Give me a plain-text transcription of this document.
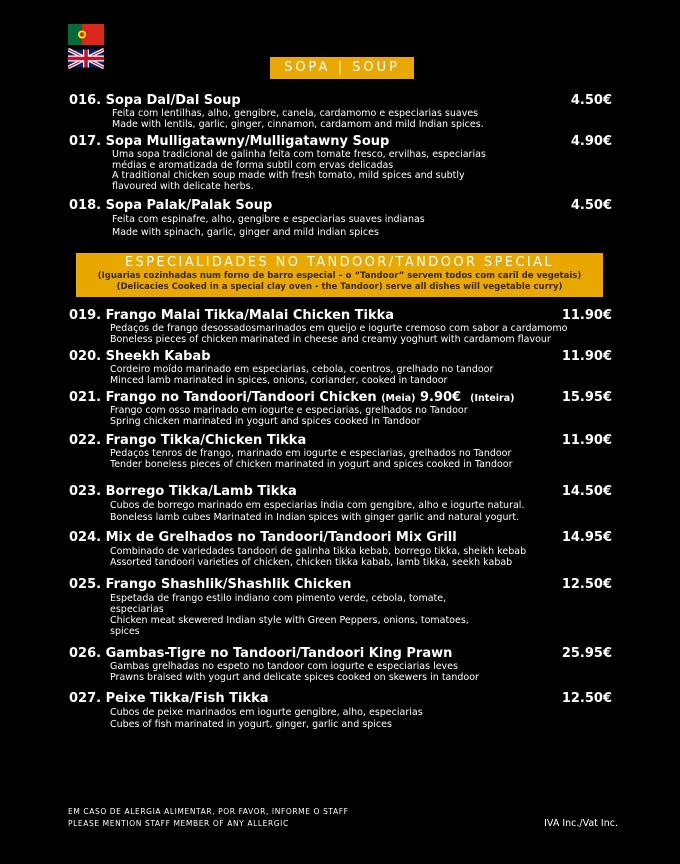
SOPA | SOUP
016. Sopa Dal/Dal Soup	4.50€
Feita com lentilhas, alho, gengibre, canela, cardamomo e especiarias suaves
Made with lentils, garlic, ginger, cinnamon, cardamom and mild Indian spices.
017. Sopa Mulligatawny/Mulligatawny Soup	4.90€
Uma sopa tradicional de galinha feita com tomate fresco, ervilhas, especiarias
médias e aromatizada de forma subtil com ervas delicadas
A traditional chicken soup made with fresh tomato, mild spices and subtly
flavoured with delicate herbs.
018. Sopa Palak/Palak Soup	4.50€
Feita com espinafre, alho, gengibre e especiarias suaves indianas
Made with spinach, garlic, ginger and mild indian spices
ESPECIALIDADES NO TANDOOR/TANDOOR SPECIAL
(Iguarias cozinhadas num forno de barro especial – o “Tandoor” servem todos com caril de vegetais)
(Delicacies Cooked in a special clay oven - the Tandoor) serve all dishes will vegetable curry)
019. Frango Malai Tikka/Malai Chicken Tikka	11.90€
Pedaços de frango desossadosmarinados em queijo e iogurte cremoso com sabor a cardamomo
Boneless pieces of chicken marinated in cheese and creamy yoghurt with cardamom flavour
020. Sheekh Kabab	11.90€
Cordeiro moído marinado em especiarias, cebola, coentros, grelhado no tandoor
Minced lamb marinated in spices, onions, coriander, cooked in tandoor
021. Frango no Tandoori/Tandoori Chicken (Meia) 9.90€ (Inteira)	15.95€
Frango com osso marinado em iogurte e especiarias, grelhados no Tandoor
Spring chicken marinated in yogurt and spices cooked in Tandoor
022. Frango Tikka/Chicken Tikka	11.90€
Pedaços tenros de frango, marinado em iogurte e especiarias, grelhados no Tandoor
Tender boneless pieces of chicken marinated in yogurt and spices cooked in Tandoor
023. Borrego Tikka/Lamb Tikka	14.50€
Cubos de borrego marinado em especiarias Índia com gengibre, alho e iogurte natural.
Boneless lamb cubes Marinated in Indian spices with ginger garlic and natural yogurt.
024. Mix de Grelhados no Tandoori/Tandoori Mix Grill	14.95€
Combinado de variedades tandoori de galinha tikka kebab, borrego tikka, sheikh kebab
Assorted tandoori varieties of chicken, chicken tikka kabab, lamb tikka, seekh kabab
025. Frango Shashlik/Shashlik Chicken	12.50€
Espetada de frango estilo indiano com pimento verde, cebola, tomate,
especiarias
Chicken meat skewered Indian style with Green Peppers, onions, tomatoes,
spices
026. Gambas-Tigre no Tandoori/Tandoori King Prawn	25.95€
Gambas grelhadas no espeto no tandoor com iogurte e especiarias leves
Prawns braised with yogurt and delicate spices cooked on skewers in tandoor
027. Peixe Tikka/Fish Tikka	12.50€
Cubos de peixe marinados em iogurte gengibre, alho, especiarias
Cubes of fish marinated in yogurt, ginger, garlic and spices
EM CASO DE ALERGIA ALIMENTAR, POR FAVOR, INFORME O STAFF
PLEASE MENTION STAFF MEMBER OF ANY ALLERGIC	IVA Inc./Vat Inc.
